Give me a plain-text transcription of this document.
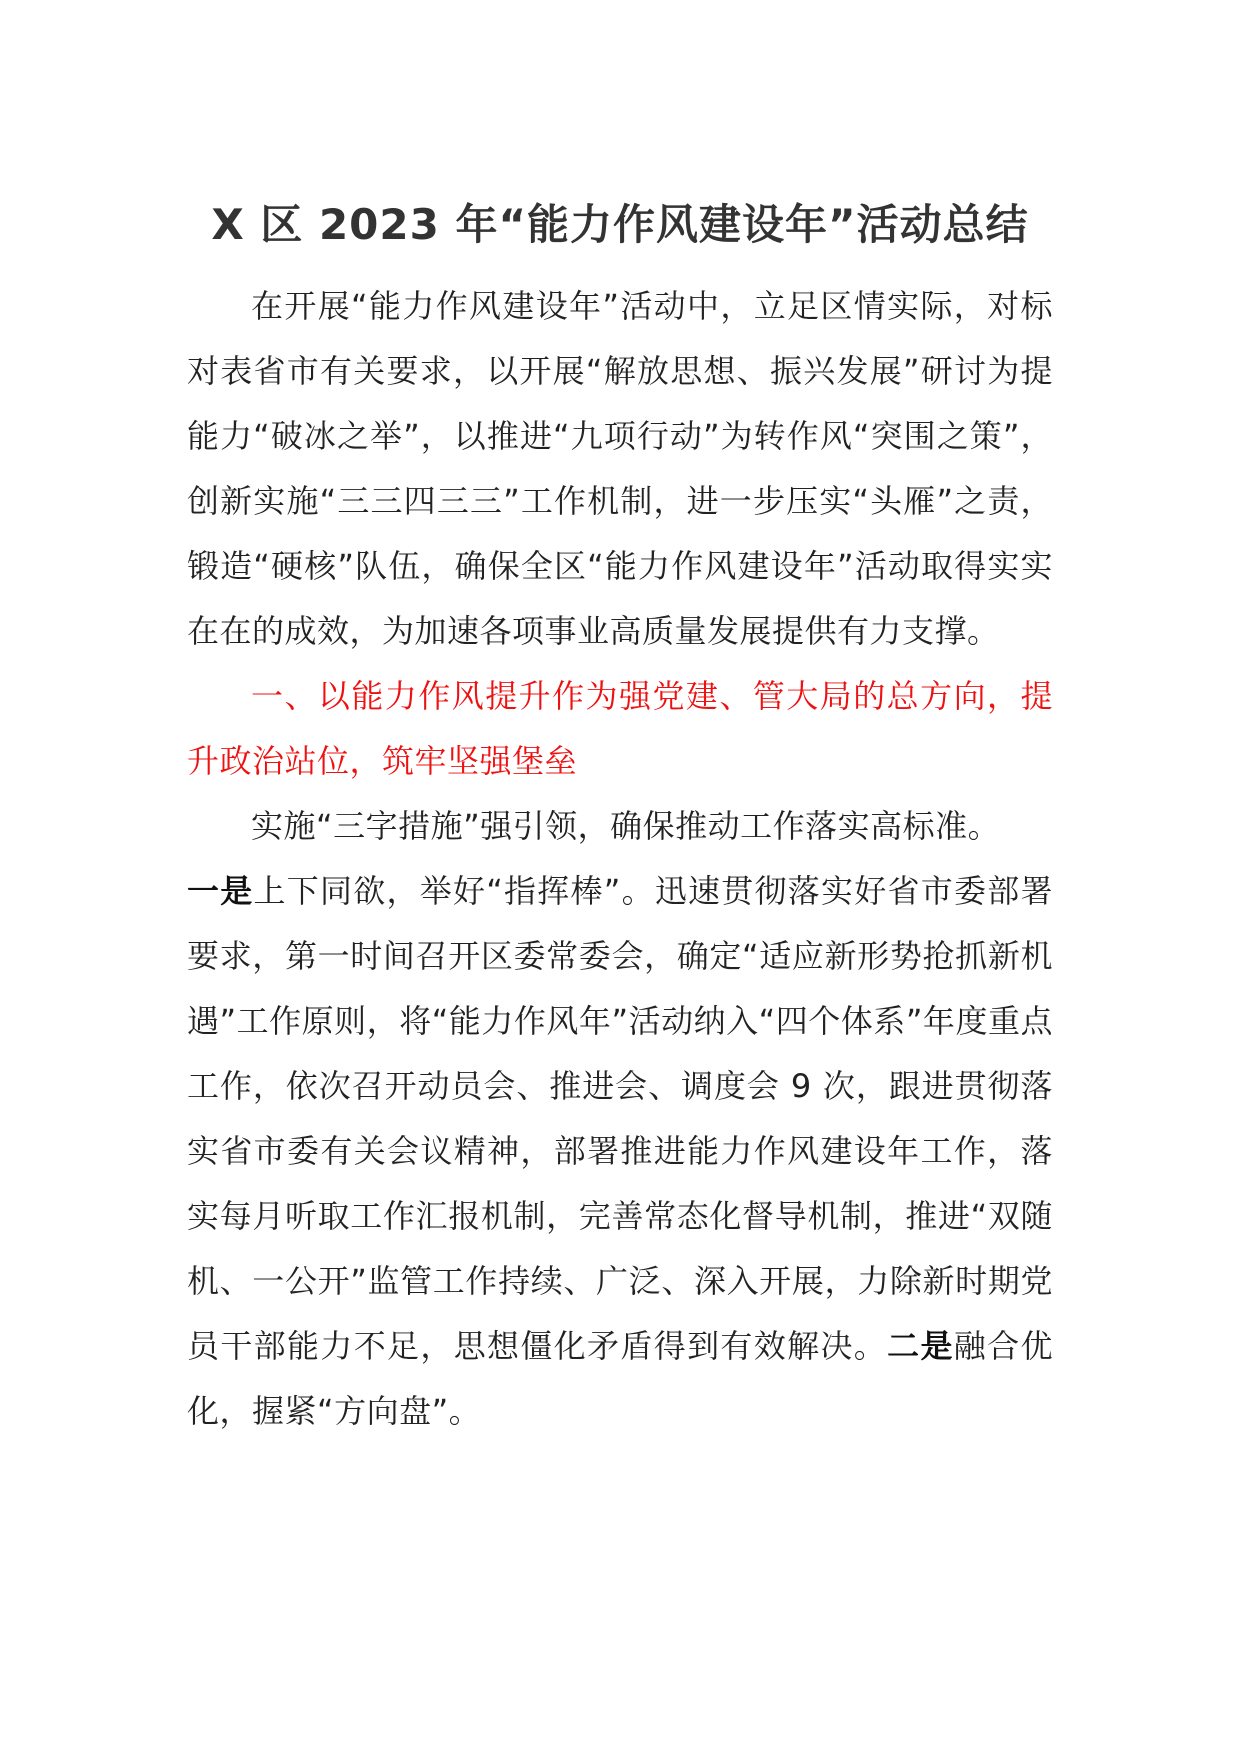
X 区 2023 年“能力作风建设年”活动总结

在开展“能力作风建设年”活动中，立足区情实际，对标对表省市有关要求，以开展“解放思想、振兴发展”研讨为提能力“破冰之举”，以推进“九项行动”为转作风“突围之策”，创新实施“三三四三三”工作机制，进一步压实“头雁”之责，锻造“硬核”队伍，确保全区“能力作风建设年”活动取得实实在在的成效，为加速各项事业高质量发展提供有力支撑。

一、以能力作风提升作为强党建、管大局的总方向，提升政治站位，筑牢坚强堡垒

实施“三字措施”强引领，确保推动工作落实高标准。
一是上下同欲，举好“指挥棒”。迅速贯彻落实好省市委部署要求，第一时间召开区委常委会，确定“适应新形势抢抓新机遇”工作原则，将“能力作风年”活动纳入“四个体系”年度重点工作，依次召开动员会、推进会、调度会 9 次，跟进贯彻落实省市委有关会议精神，部署推进能力作风建设年工作，落实每月听取工作汇报机制，完善常态化督导机制，推进“双随机、一公开”监管工作持续、广泛、深入开展，力除新时期党员干部能力不足，思想僵化矛盾得到有效解决。二是融合优化，握紧“方向盘”。
